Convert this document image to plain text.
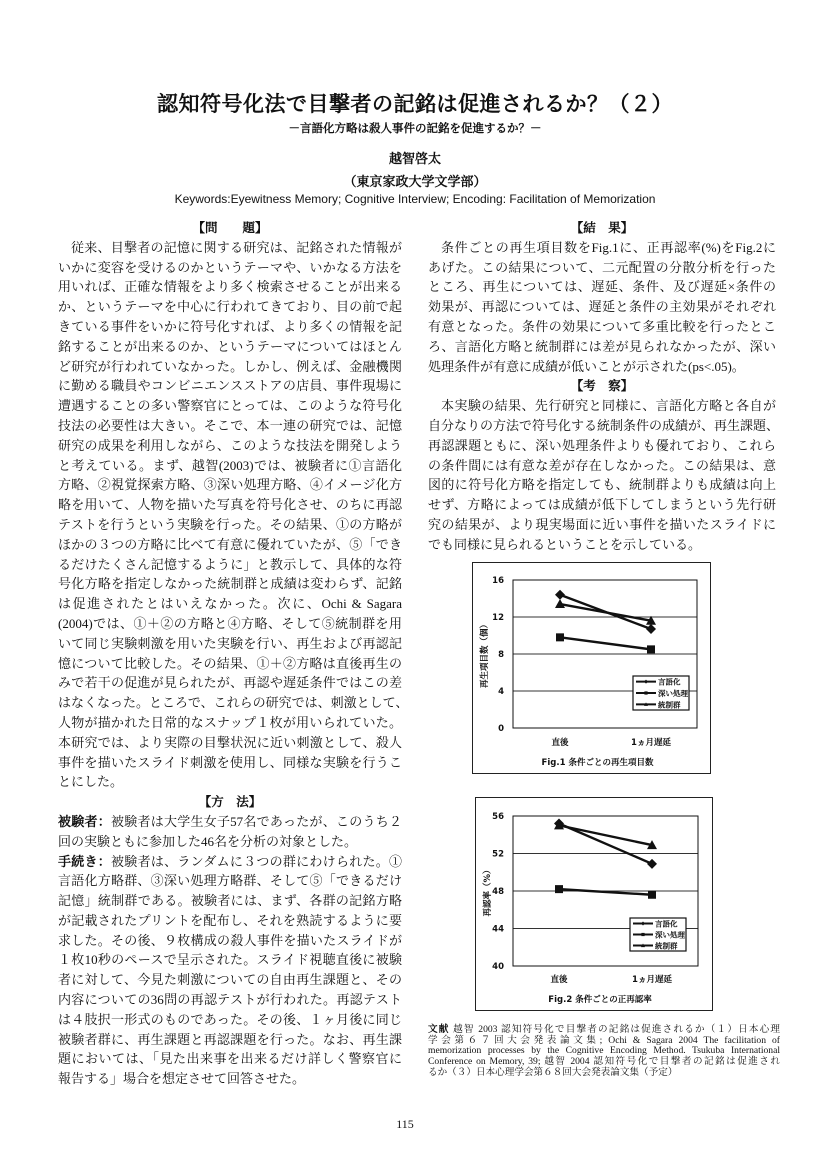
認知符号化法で目撃者の記銘は促進されるか？（２）
－言語化方略は殺人事件の記銘を促進するか？－
越智啓太
（東京家政大学文学部）
Keywords:Eyewitness Memory; Cognitive Interview; Encoding: Facilitation of Memorization
【問　　題】
従来、目撃者の記憶に関する研究は、記銘された情報が
いかに変容を受けるのかというテーマや、いかなる方法を
用いれば、正確な情報をより多く検索させることが出来る
か、というテーマを中心に行われてきており、目の前で起
きている事件をいかに符号化すれば、より多くの情報を記
銘することが出来るのか、というテーマについてはほとん
ど研究が行われていなかった。しかし、例えば、金融機関
に勤める職員やコンビニエンスストアの店員、事件現場に
遭遇することの多い警察官にとっては、このような符号化
技法の必要性は大きい。そこで、本一連の研究では、記憶
研究の成果を利用しながら、このような技法を開発しよう
と考えている。まず、越智(2003)では、被験者に①言語化
方略、②視覚探索方略、③深い処理方略、④イメージ化方
略を用いて、人物を描いた写真を符号化させ、のちに再認
テストを行うという実験を行った。その結果、①の方略が
ほかの３つの方略に比べて有意に優れていたが、⑤「でき
るだけたくさん記憶するように」と教示して、具体的な符
号化方略を指定しなかった統制群と成績は変わらず、記銘
は促進されたとはいえなかった。次に、Ochi & Sagara
(2004)では、①＋②の方略と④方略、そして⑤統制群を用
いて同じ実験刺激を用いた実験を行い、再生および再認記
憶について比較した。その結果、①＋②方略は直後再生の
みで若干の促進が見られたが、再認や遅延条件ではこの差
はなくなった。ところで、これらの研究では、刺激として、
人物が描かれた日常的なスナップ１枚が用いられていた。
本研究では、より実際の目撃状況に近い刺激として、殺人
事件を描いたスライド刺激を使用し、同様な実験を行うこ
とにした。
【方　法】
被験者：被験者は大学生女子57名であったが、このうち２
回の実験ともに参加した46名を分析の対象とした。
手続き：被験者は、ランダムに３つの群にわけられた。①
言語化方略群、③深い処理方略群、そして⑤「できるだけ
記憶」統制群である。被験者には、まず、各群の記銘方略
が記載されたプリントを配布し、それを熟読するように要
求した。その後、９枚構成の殺人事件を描いたスライドが
１枚10秒のペースで呈示された。スライド視聴直後に被験
者に対して、今見た刺激についての自由再生課題と、その
内容についての36問の再認テストが行われた。再認テスト
は４肢択一形式のものであった。その後、１ヶ月後に同じ
被験者群に、再生課題と再認課題を行った。なお、再生課
題においては、「見た出来事を出来るだけ詳しく警察官に
報告する」場合を想定させて回答させた。
【結　果】
条件ごとの再生項目数をFig.1に、正再認率(%)をFig.2に
あげた。この結果について、二元配置の分散分析を行った
ところ、再生については、遅延、条件、及び遅延×条件の
効果が、再認については、遅延と条件の主効果がそれぞれ
有意となった。条件の効果について多重比較を行ったとこ
ろ、言語化方略と統制群には差が見られなかったが、深い
処理条件が有意に成績が低いことが示された(ps<.05)。
【考　察】
本実験の結果、先行研究と同様に、言語化方略と各自が
自分なりの方法で符号化する統制条件の成績が、再生課題、
再認課題ともに、深い処理条件よりも優れており、これら
の条件間には有意な差が存在しなかった。この結果は、意
図的に符号化方略を指定しても、統制群よりも成績は向上
せず、方略によっては成績が低下してしまうという先行研
究の結果が、より現実場面に近い事件を描いたスライドに
でも同様に見られるということを示している。
0
4
8
12
16
再生項目数（個）
直後	1ヵ月遅延
言語化
深い処理
統制群
Fig.1 条件ごとの再生項目数
40
44
48
52
56
再認率（%）
直後	1ヵ月遅延
言語化
深い処理
統制群
Fig.2 条件ごとの正再認率
文献 越智 2003 認知符号化で目撃者の記銘は促進されるか（１）日本心理
学会第６７回大会発表論文集; Ochi & Sagara 2004 The facilitation of
memorization processes by the Cognitive Encoding Method. Tsukuba International
Conference on Memory, 39; 越智 2004 認知符号化で目撃者の記銘は促進され
るか（３）日本心理学会第６８回大会発表論文集（予定）
115
